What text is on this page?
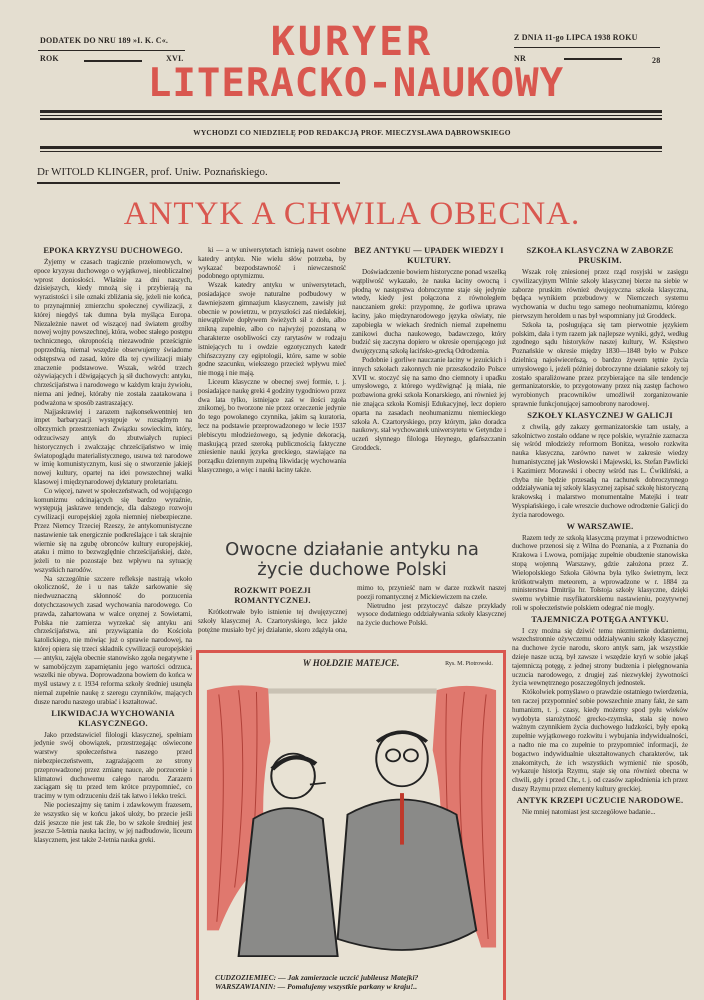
DODATEK DO NRU 189 »I. K. C«.
ROK	XVI.
Z DNIA 11-go LIPCA 1938 ROKU
NR	28
KURYER
LITERACKO-NAUKOWY
WYCHODZI CO NIEDZIELĘ POD REDAKCJĄ PROF. MIECZYSŁAWA DĄBROWSKIEGO
Dr WITOLD KLINGER, prof. Uniw. Poznańskiego.
ANTYK A CHWILA OBECNA.
EPOKA KRYZYSU DUCHOWEGO.

Żyjemy w czasach tragicznie przełomowych, w epoce kryzysu duchowego o wyjątkowej, nieobliczalnej wprost doniosłości. Właśnie za dni naszych, dzisiejszych, kiedy mnożą się i przybierają na wyrazistości i sile oznaki zbliżania się, jeżeli nie końca, to przynajmniej zmierzchu społecznej cywilizacji, z której niegdyś tak dumna była myśląca Europa. Niezależnie nawet od wiszącej nad światem groźby nowej wojny powszechnej, która, wobec stałego postępu technicznego, okropnością niezawodnie prześcignie poprzednią, niemal wszędzie obserwujemy świadome odstępstwa od zasad, które dla tej cywilizacji miały znaczenie podstawowe. Wszak, wśród trzech ożywiających i dźwigających ją sił duchowych: antyku, chrześcijaństwa i narodowego w każdym kraju żywiołu, niema ani jednej, któraby nie została zaatakowana i podważona w sposób zastraszający.

Najjaskrawiej i zarazem najkonsekwentniej ten impet barbaryzacji występuje w rozsądnym na olbrzymich przestrzeniach Związku sowieckim, który, odrzuciwszy antyk do zbutwiałych rupieci historycznych i zwalczając chrześcijaństwo w imię światopoglądu materialistycznego, usuwa też narodowe w imię komunistycznym, kusi się o stworzenie jakiejś nowej kultury, opartej na idei powszechnej walki klasowej i międzynarodowej dyktatury proletariatu.

Co więcej, nawet w społeczeństwach, od wojującego komunizmu odcinających się bardzo wyraźnie, występują jaskrawe tendencje, dla dalszego rozwoju cywilizacji europejskiej zgoła niemniej niebezpieczne. Przez Niemcy Trzeciej Rzeszy, że antykomunistyczne nastawienie tak energicznie podkreślające i tak skrajnie wiernie się na zgubę obronców kultury europejskiej, ataku i mimo to bezwzględnie chrześcijańskiej, daże, jeżeli to nie pozostaje bez wpływu na sytuację wszystkich narodów.

Na szczególnie szczere refleksje nastrają wkoło okoliczność, że i u nas także sarkowanie się niedwuznaczną skłonność do porzucenia dotychczasowych zasad wychowania narodowego. Co prawda, zahartowana w walce oręznej z Sowietami, Polska nie zamierza wyrzekać się antyku ani chrześcijaństwa, ani przywiązania do Kościoła katolickiego, nie mówiąc już o sprawie narodowej, na której opiera się trzeci składnik cywilizacji europejskiej — antyku, zajęła obecnie stanowisko zgoła negatywne i w samobójczym zapamiętaniu jego wartości odrzuca, wszelki nie obywa. Doprowadzona bowiem do końca w myśl ustawy z r. 1934 reforma szkoły średniej usunęła niemal zupełnie naukę z szeregu czynników, mających dusze narodu naszego urabiać i kształtować.

LIKWIDACJA WYCHOWANIA KLASYCZNEGO.

Jako przedstawiciel filologji klasycznej, spełniam jedynie swój obowiązek, przestrzegając oświecone warstwy społeczeństwa naszego przed niebezpieczeństwem, zagrażającem ze strony przeprowadzonej przez zmianę nauce, ale porzucenie i klimatowi duchowemu całego narodu. Zarazem zaciągam się tu przed tem krótce przypomnieć, co tracimy w tym odrzuceniu dziś tak łatwo i lekko treści.

Nie pocieszajmy się tanim i zdawkowym frazesem, że wszystko się w końcu jakoś ułoży, bo przecie jeśli dziś jeszcze nie jest tak źle, bo w szkole średniej jest jeszcze 5-letnia nauka łaciny, w jej nadbudowie, liceum klasycznem, jest także 2-letnia nauka greki.

ki — a w uniwersytetach istnieją nawet osobne katedry antyku. Nie wielu słów potrzeba, by wykazać bezpodstawność i niewczesność podobnego optymizmu.

Wszak katedry antyku w uniwersytetach, posiadające swoje naturalne podbudowy w dawniejszem gimnazjum klasycznem, zawisły już obecnie w powietrzu, w przyszłości zaś niedalekiej, niewątpliwie dopływem świeżych sił z dołu, albo znikną zupełnie, albo co najwyżej pozostaną w charakterze osobliwości czy rarytasów w rodzaju istniejących tu i owdzie egzotycznych katedr chińszczyzny czy egiptologii, które, same w sobie godne szacunku, wiekszego przecież wpływu mieć nie mogą i nie mają.

Liceum klasyczne w obecnej swej formie, t. j. posiadające naukę greki 4 godziny tygodniowo przez dwa lata tylko, istniejące zaś w ilości zgoła znikomej, bo tworzone nie przez orzeczenie jedynie do tego powołanego czynnika, jakim są kuratoria, lecz na podstawie przeprowadzonego w lecie 1937 plebiscytu młodzieżowego, są jedynie dekoracją, maskującą przed szeroką publicznością faktyczne zniesienie nauki języka greckiego, stawiające na porządku dziennym zupełną likwidację wychowania klasycznego, a więc i nauki łaciny także.

BEZ ANTYKU — UPADEK WIEDZY I KULTURY.

Doświadczenie bowiem historyczne ponad wszelką wątpliwość wykazało, że nauka łaciny owocną i płodną w następstwa dobroczynne staje się jedynie wtedy, kiedy jest połączona z równoległem nauczaniem greki: przypomnę, że gorliwa uprawa łaciny, jako międzynarodowego języka oświaty, nie zapobiegła w wiekach średnich niemal zupełnemu zanikowi ducha naukowego, badawczego, który budzić się zaczyna dopiero w okresie operującego już dwujęzyczną szkołą łacińsko-grecką Odrodzenia.

Podobnie i gorliwe nauczanie łaciny w jezuickich i innych szkołach zakonnych nie przeszkodziło Polsce XVII w. stoczyć się na samo dno ciemnoty i upadku umysłowego, z którego wydźwignąć ją miała, nie pozbawiona greki szkoła Konarskiego, ani również jej nie znająca szkoła Komisji Edukacyjnej, lecz dopiero oparta na zasadach neohumanizmu niemieckiego szkoła A. Czartoryskiego, przy którym, jako doradca naukowy, stał wychowanek uniwersytetu w Getyndze i uczeń słynnego filologa Heynego, gdańszczanin Groddeck.

Owocne działanie antyku na życie duchowe Polski
ROZKWIT POEZJI ROMANTYCZNEJ.

Krótkotrwałe było istnienie tej dwujęzycznej szkoły klasycznej A. Czartoryskiego, lecz jakże potężne musiało być jej działanie, skoro zdążyła ona, mimo to, przynieść nam w darze rozkwit naszej poezji romantycznej z Mickiewiczem na czele.

Nietrudno jest przytoczyć dalsze przykłady wysoce dodatniego oddziaływania szkoły klasycznej na życie duchowe Polski.

W HOŁDZIE MATEJCE.	Rys. M. Piotrowski.
CUDZOZIEMIEC: — Jak zamierzacie uczcić jubileusz Matejki?
WARSZAWIANIN: — Pomalujemy wszystkie parkany w kraju!..
SZKOŁA KLASYCZNA W ZABORZE PRUSKIM.

Wszak rolę zniesionej przez rząd rosyjski w zasięgu cywilizacyjnym Wilnie szkoły klasycznej bierze na siebie w zaborze pruskim również dwujęzyczna szkoła klasyczna, będąca wynikiem przebudowy w Niemczech systemu wychowania w duchu tego samego neohumanizmu, którego pierwszym heroldem u nas był wspomniany już Groddeck.

Szkoła ta, posługująca się tam pierwotnie językiem polskim, dała i tym razem jak najlepsze wyniki, gdyż, według zgodnego sądu historyków naszej kultury, W. Księstwo Poznańskie w okresie między 1830—1848 było w Polsce dzielnicą najoświeceńszą, o bardzo żywem tętnie życia umysłowego i, jeżeli później dobroczynne działanie szkoły tej zostało sparaliżowane przez przybierające na sile tendencje germanizatorskie, to przygotowany przez nią zastęp fachowo wyrobionych pracowników umożliwił zorganizowanie sprawnie funkcjonującej samoobrony narodowej.

SZKOŁY KLASYCZNEJ W GALICJI

z chwilą, gdy zakazy germanizatorskie tam ustały, a szkolnictwo zostało oddane w ręce polskie, wyraźnie zaznacza się wśród młodzieży reformom Bonitza, wesoło rozkwita nauka klasyczna, zarówno nawet w zakresie wiedzy humanistycznej jak Wesłowski i Majewski, ks. Stefan Pawlicki i Kazimierz Morawski i obecny wśród nas L. Ćwikliński, a chyba nie będzie przesadą na rachunek dobroczynnego oddziaływania tej szkoły klasycznej zapisać szkołę historyczną krakowską i malarstwo monumentalne Matejki i teatr Wyspiańskiego, i całe wreszcie duchowe odrodzenie Galicji do życia narodowego.

W WARSZAWIE.

Razem tedy ze szkołą klasyczną przymat i przewodnictwo duchowe przenosi się z Wilna do Poznania, a z Poznania do Krakowa i Lwowa, pomijając zupełnie obudzenie stanowiska stopą wojenną Warszawy, gdzie założona przez Z. Wielopolskiego Szkoła Główna była tylko świetnym, lecz krótkotrwałym meteorem, a wprowadzone w r. 1884 za ministerstwa Dmitrija hr. Tołstoja szkoły klasyczne, dzięki swemu wybitnie rusyfikatorskiemu nastawieniu, pozytywnej roli w społeczeństwie polskiem odegrać nie mogły.

TAJEMNICZA POTĘGA ANTYKU.

I czy można się dziwić temu niezmiernie dodatniemu, wszechstronnie ożywczemu oddziaływaniu szkoły klasycznej na duchowe życie narodu, skoro antyk sam, jak wszystkie dzieje nasze uczą, był zawsze i wszędzie kryń w sobie jakąś tajemniczą potęgę, z jednej strony budzenia i pielęgnowania uczucia narodowego, z drugiej zaś niezwykłej żywotności życia wewnętrznego poszczególnych jednostek.

Któkolwiek pomyślawo o prawdzie ostatniego twierdzenia, ten raczej przypomnieć sobie powszechnie znany fakt, że sam humanizm, t. j. czasy, kiedy możemy spod pyłu wieków wydobyta starożytność grecko-rzymska, stała się nowo ważnym czynnikiem życia duchowego ludzkości, były epoką zupełnie wyjątkowego rozkwitu i wybujania indywidualności, a nadto nie ma co zupełnie to przypomnieć informacji, że bogactwo indywidualnie ukształtowanych charakterów, tak znakomitych, że ich wszystkich wymienić nie sposób, wykazuje historja Rzymu, staje się ona również obecna w chwili, gdy i przed Chr., t. j. od czasów zapłodnienia ich przez duszy Rzymu przez elementy kultury greckiej.

ANTYK KRZEPI UCZUCIE NARODOWE.

Nie mniej natomiast jest szczegółowe badanie...
